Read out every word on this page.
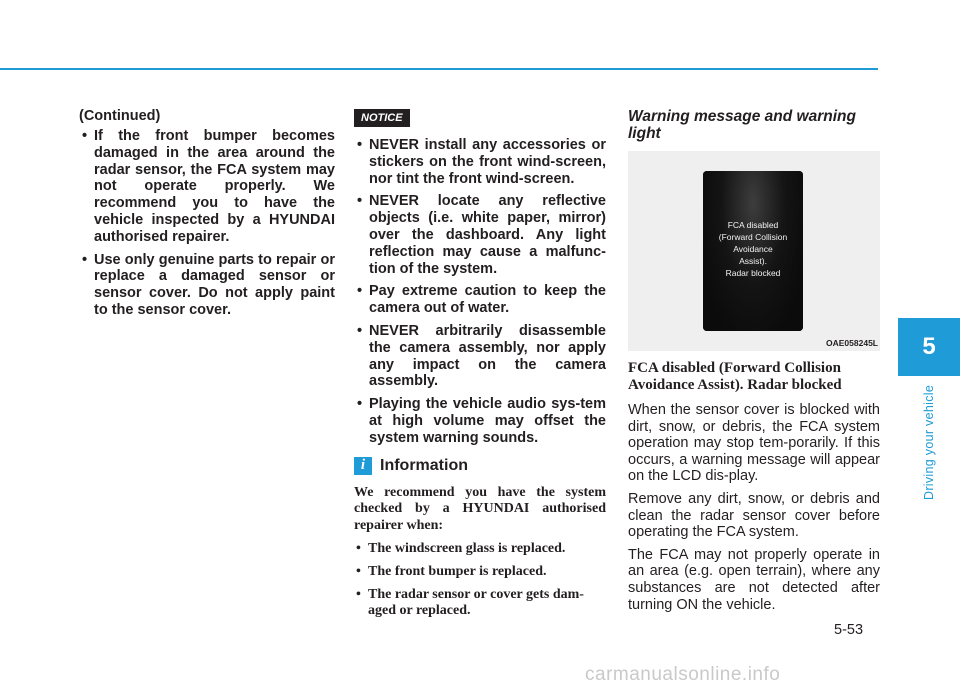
(Continued)

• If the front bumper becomes damaged in the area around the radar sensor, the FCA system may not operate properly. We recommend you to have the vehicle inspected by a HYUNDAI authorised repairer.
• Use only genuine parts to repair or replace a damaged sensor or sensor cover. Do not apply paint to the sensor cover.
NOTICE
• NEVER install any accessories or stickers on the front wind-screen, nor tint the front wind-screen.
• NEVER locate any reflective objects (i.e. white paper, mirror) over the dashboard. Any light reflection may cause a malfunc-tion of the system.
• Pay extreme caution to keep the camera out of water.
• NEVER arbitrarily disassemble the camera assembly, nor apply any impact on the camera assembly.
• Playing the vehicle audio sys-tem at high volume may offset the system warning sounds.
i Information

We recommend you have the system checked by a HYUNDAI authorised repairer when:

• The windscreen glass is replaced.
• The front bumper is replaced.
• The radar sensor or cover gets dam-aged or replaced.

Warning message and warning light

FCA disabled
(Forward Collision
Avoidance
Assist).
Radar blocked
OAE058245L

FCA disabled (Forward Collision Avoidance Assist). Radar blocked

When the sensor cover is blocked with dirt, snow, or debris, the FCA system operation may stop tem-porarily. If this occurs, a warning message will appear on the LCD dis-play.

Remove any dirt, snow, or debris and clean the radar sensor cover before operating the FCA system.

The FCA may not properly operate in an area (e.g. open terrain), where any substances are not detected after turning ON the vehicle.

5
Driving your vehicle
5-53
carmanualsonline.info
